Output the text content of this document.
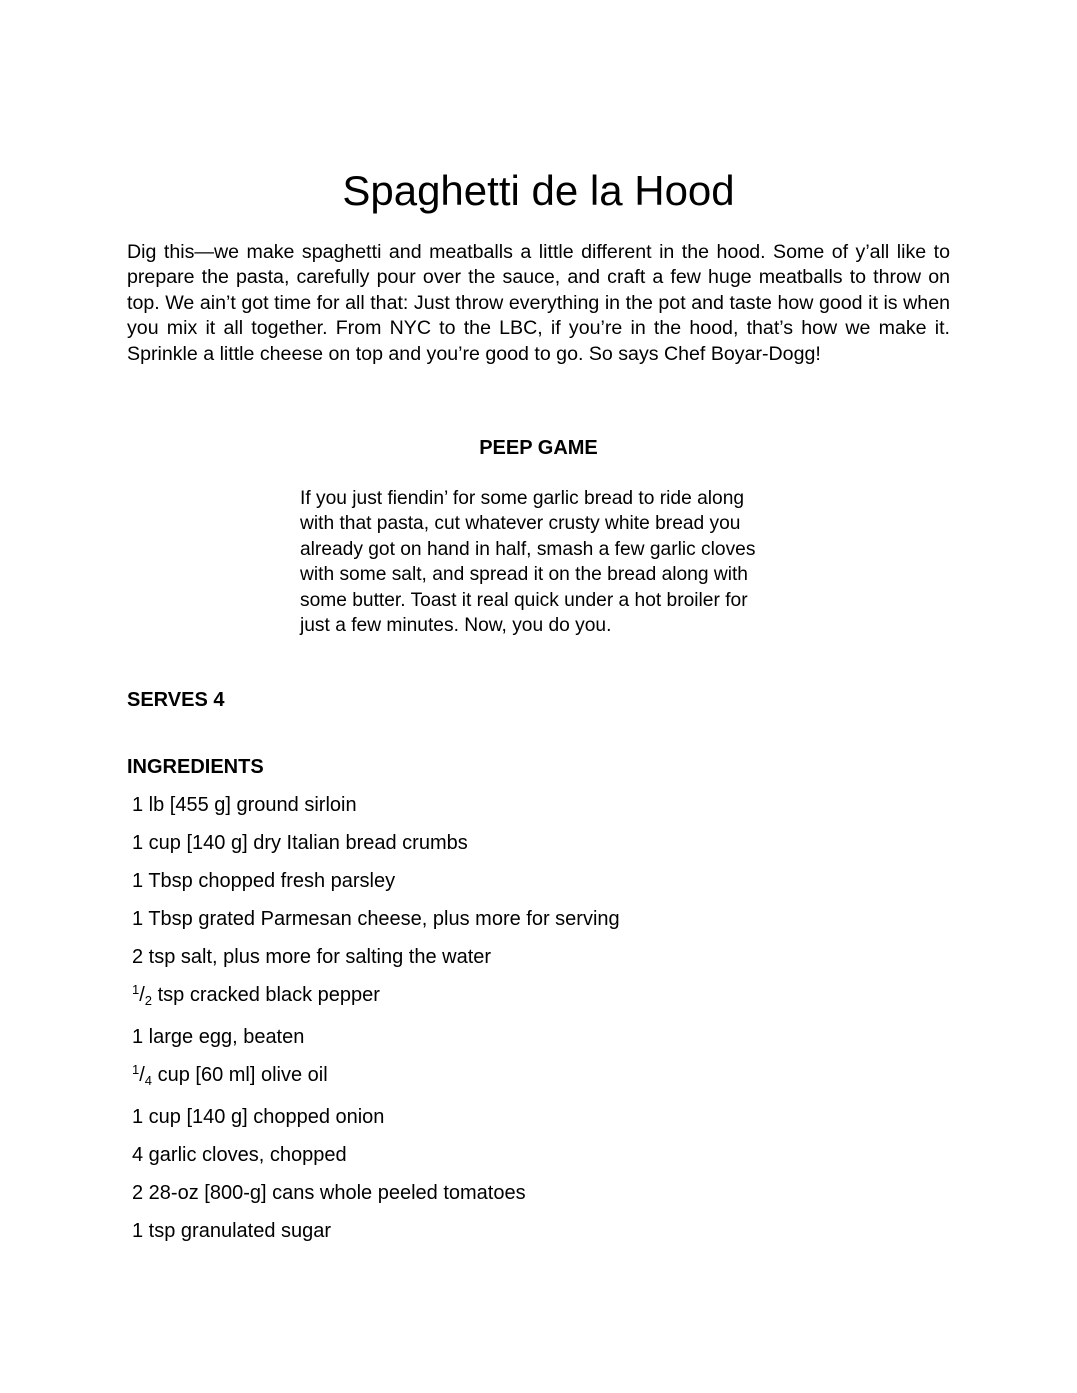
Spaghetti de la Hood

Dig this—we make spaghetti and meatballs a little different in the hood. Some of y’all like to prepare the pasta, carefully pour over the sauce, and craft a few huge meatballs to throw on top. We ain’t got time for all that: Just throw everything in the pot and taste how good it is when you mix it all together. From NYC to the LBC, if you’re in the hood, that’s how we make it. Sprinkle a little cheese on top and you’re good to go. So says Chef Boyar-Dogg!

PEEP GAME

If you just fiendin’ for some garlic bread to ride along with that pasta, cut whatever crusty white bread you already got on hand in half, smash a few garlic cloves with some salt, and spread it on the bread along with some butter. Toast it real quick under a hot broiler for just a few minutes. Now, you do you.

SERVES 4
INGREDIENTS
1 lb [455 g] ground sirloin
1 cup [140 g] dry Italian bread crumbs
1 Tbsp chopped fresh parsley
1 Tbsp grated Parmesan cheese, plus more for serving
2 tsp salt, plus more for salting the water
$^1/_2$ tsp cracked black pepper
1 large egg, beaten
$^1/_4$ cup [60 ml] olive oil
1 cup [140 g] chopped onion
4 garlic cloves, chopped
2 28-oz [800-g] cans whole peeled tomatoes
1 tsp granulated sugar
